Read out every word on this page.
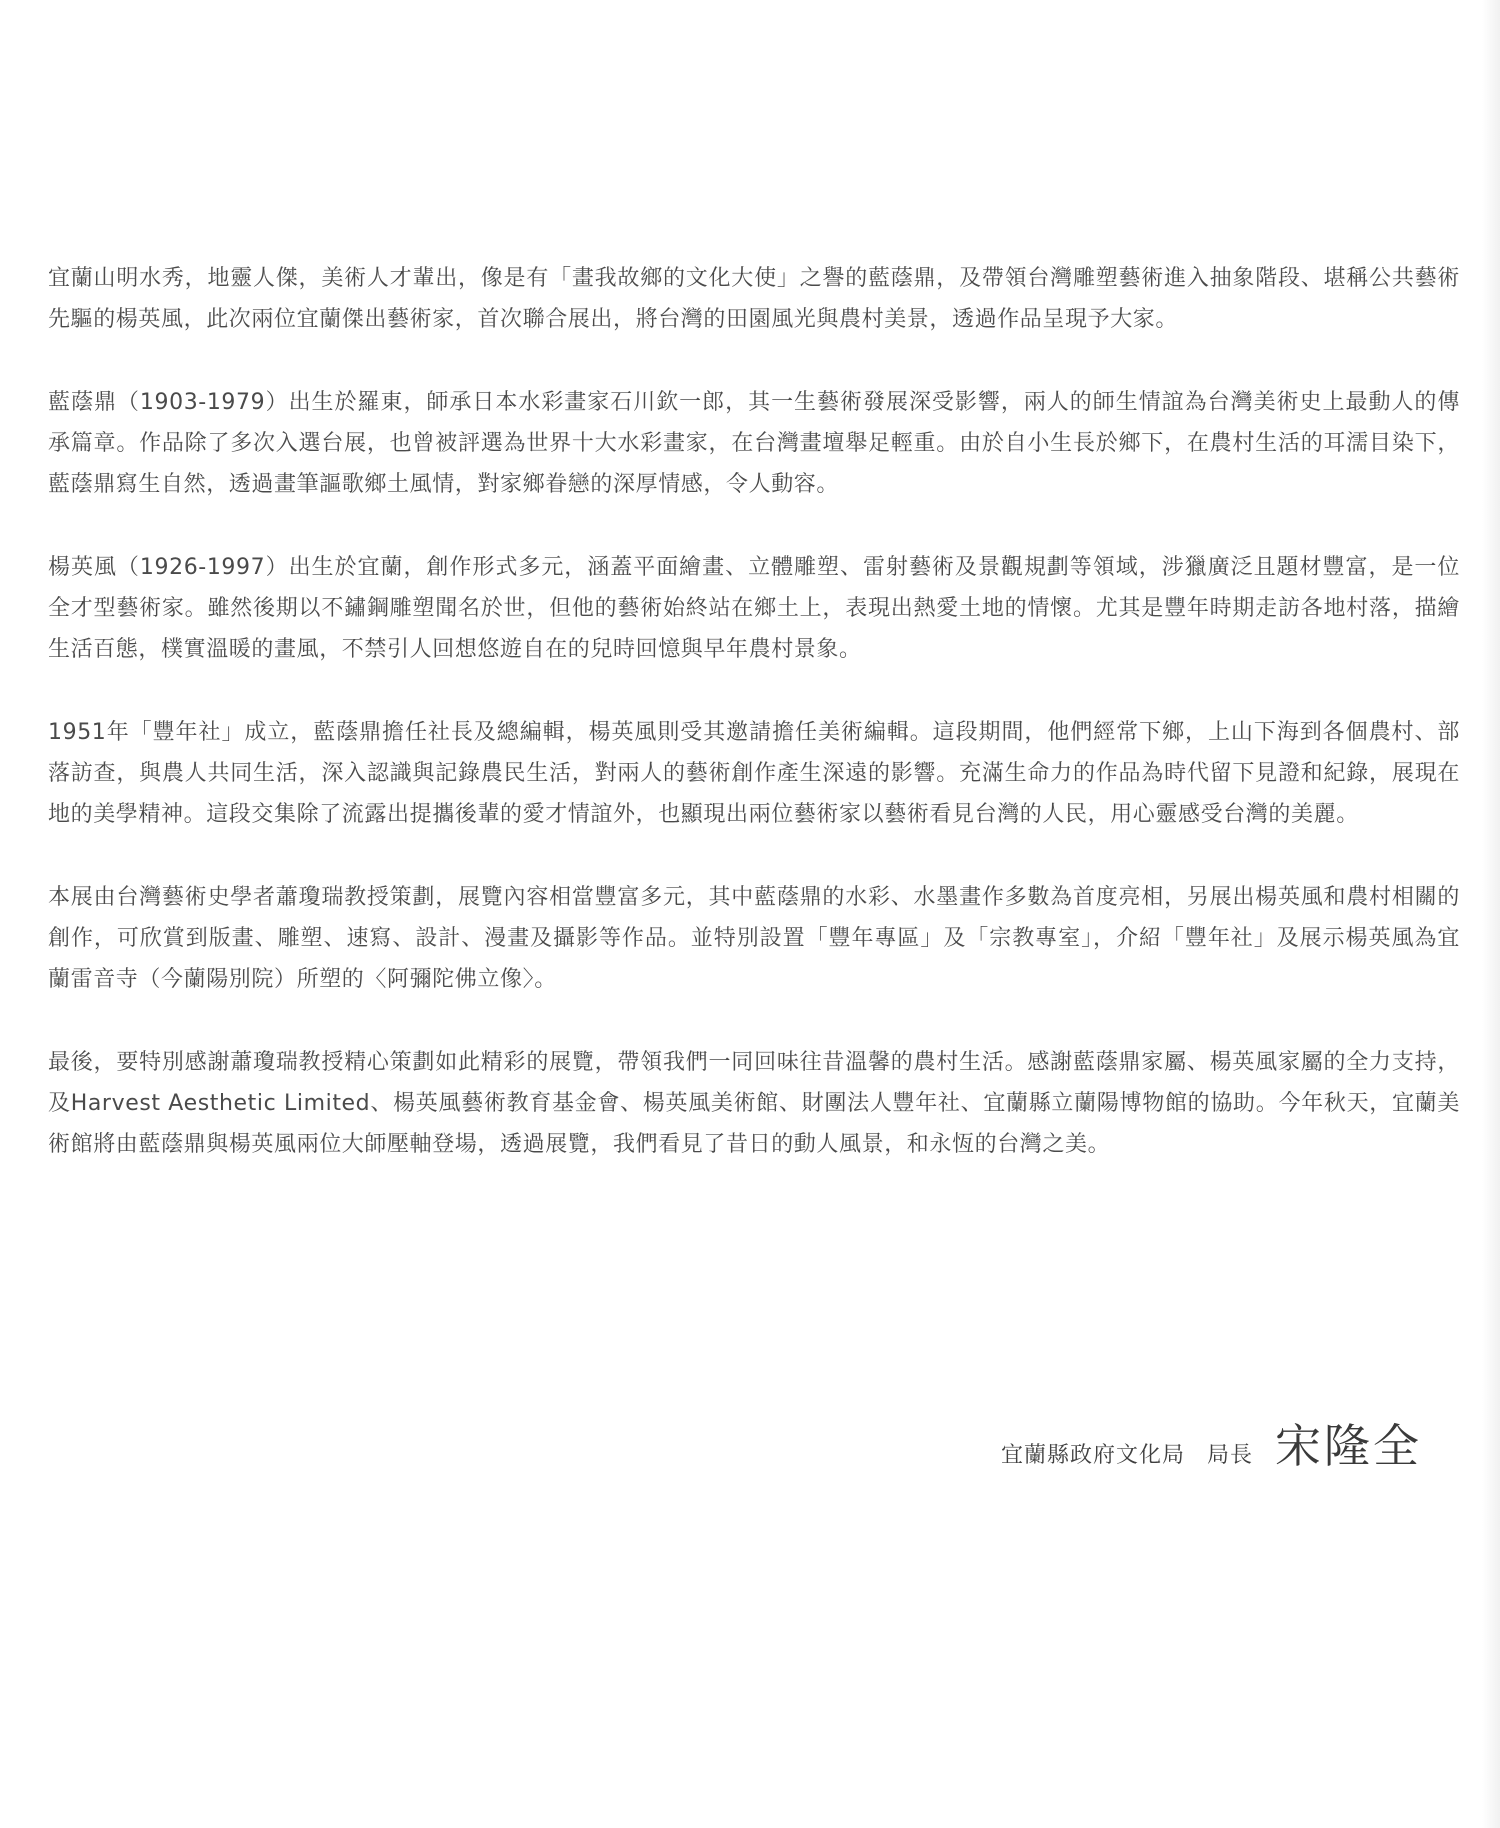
宜蘭山明水秀，地靈人傑，美術人才輩出，像是有「畫我故鄉的文化大使」之譽的藍蔭鼎，及帶領台灣雕塑藝術進入抽象階段、堪稱公共藝術先驅的楊英風，此次兩位宜蘭傑出藝術家，首次聯合展出，將台灣的田園風光與農村美景，透過作品呈現予大家。

藍蔭鼎（1903-1979）出生於羅東，師承日本水彩畫家石川欽一郎，其一生藝術發展深受影響，兩人的師生情誼為台灣美術史上最動人的傳承篇章。作品除了多次入選台展，也曾被評選為世界十大水彩畫家，在台灣畫壇舉足輕重。由於自小生長於鄉下，在農村生活的耳濡目染下，藍蔭鼎寫生自然，透過畫筆謳歌鄉土風情，對家鄉眷戀的深厚情感，令人動容。

楊英風（1926-1997）出生於宜蘭，創作形式多元，涵蓋平面繪畫、立體雕塑、雷射藝術及景觀規劃等領域，涉獵廣泛且題材豐富，是一位全才型藝術家。雖然後期以不鏽鋼雕塑聞名於世，但他的藝術始終站在鄉土上，表現出熱愛土地的情懷。尤其是豐年時期走訪各地村落，描繪生活百態，樸實溫暖的畫風，不禁引人回想悠遊自在的兒時回憶與早年農村景象。

1951年「豐年社」成立，藍蔭鼎擔任社長及總編輯，楊英風則受其邀請擔任美術編輯。這段期間，他們經常下鄉，上山下海到各個農村、部落訪查，與農人共同生活，深入認識與記錄農民生活，對兩人的藝術創作產生深遠的影響。充滿生命力的作品為時代留下見證和紀錄，展現在地的美學精神。這段交集除了流露出提攜後輩的愛才情誼外，也顯現出兩位藝術家以藝術看見台灣的人民，用心靈感受台灣的美麗。

本展由台灣藝術史學者蕭瓊瑞教授策劃，展覽內容相當豐富多元，其中藍蔭鼎的水彩、水墨畫作多數為首度亮相，另展出楊英風和農村相關的創作，可欣賞到版畫、雕塑、速寫、設計、漫畫及攝影等作品。並特別設置「豐年專區」及「宗教專室」，介紹「豐年社」及展示楊英風為宜蘭雷音寺（今蘭陽別院）所塑的〈阿彌陀佛立像〉。

最後，要特別感謝蕭瓊瑞教授精心策劃如此精彩的展覽，帶領我們一同回味往昔溫馨的農村生活。感謝藍蔭鼎家屬、楊英風家屬的全力支持，及Harvest Aesthetic Limited、楊英風藝術教育基金會、楊英風美術館、財團法人豐年社、宜蘭縣立蘭陽博物館的協助。今年秋天，宜蘭美術館將由藍蔭鼎與楊英風兩位大師壓軸登場，透過展覽，我們看見了昔日的動人風景，和永恆的台灣之美。

宜蘭縣政府文化局 局長 宋隆全
